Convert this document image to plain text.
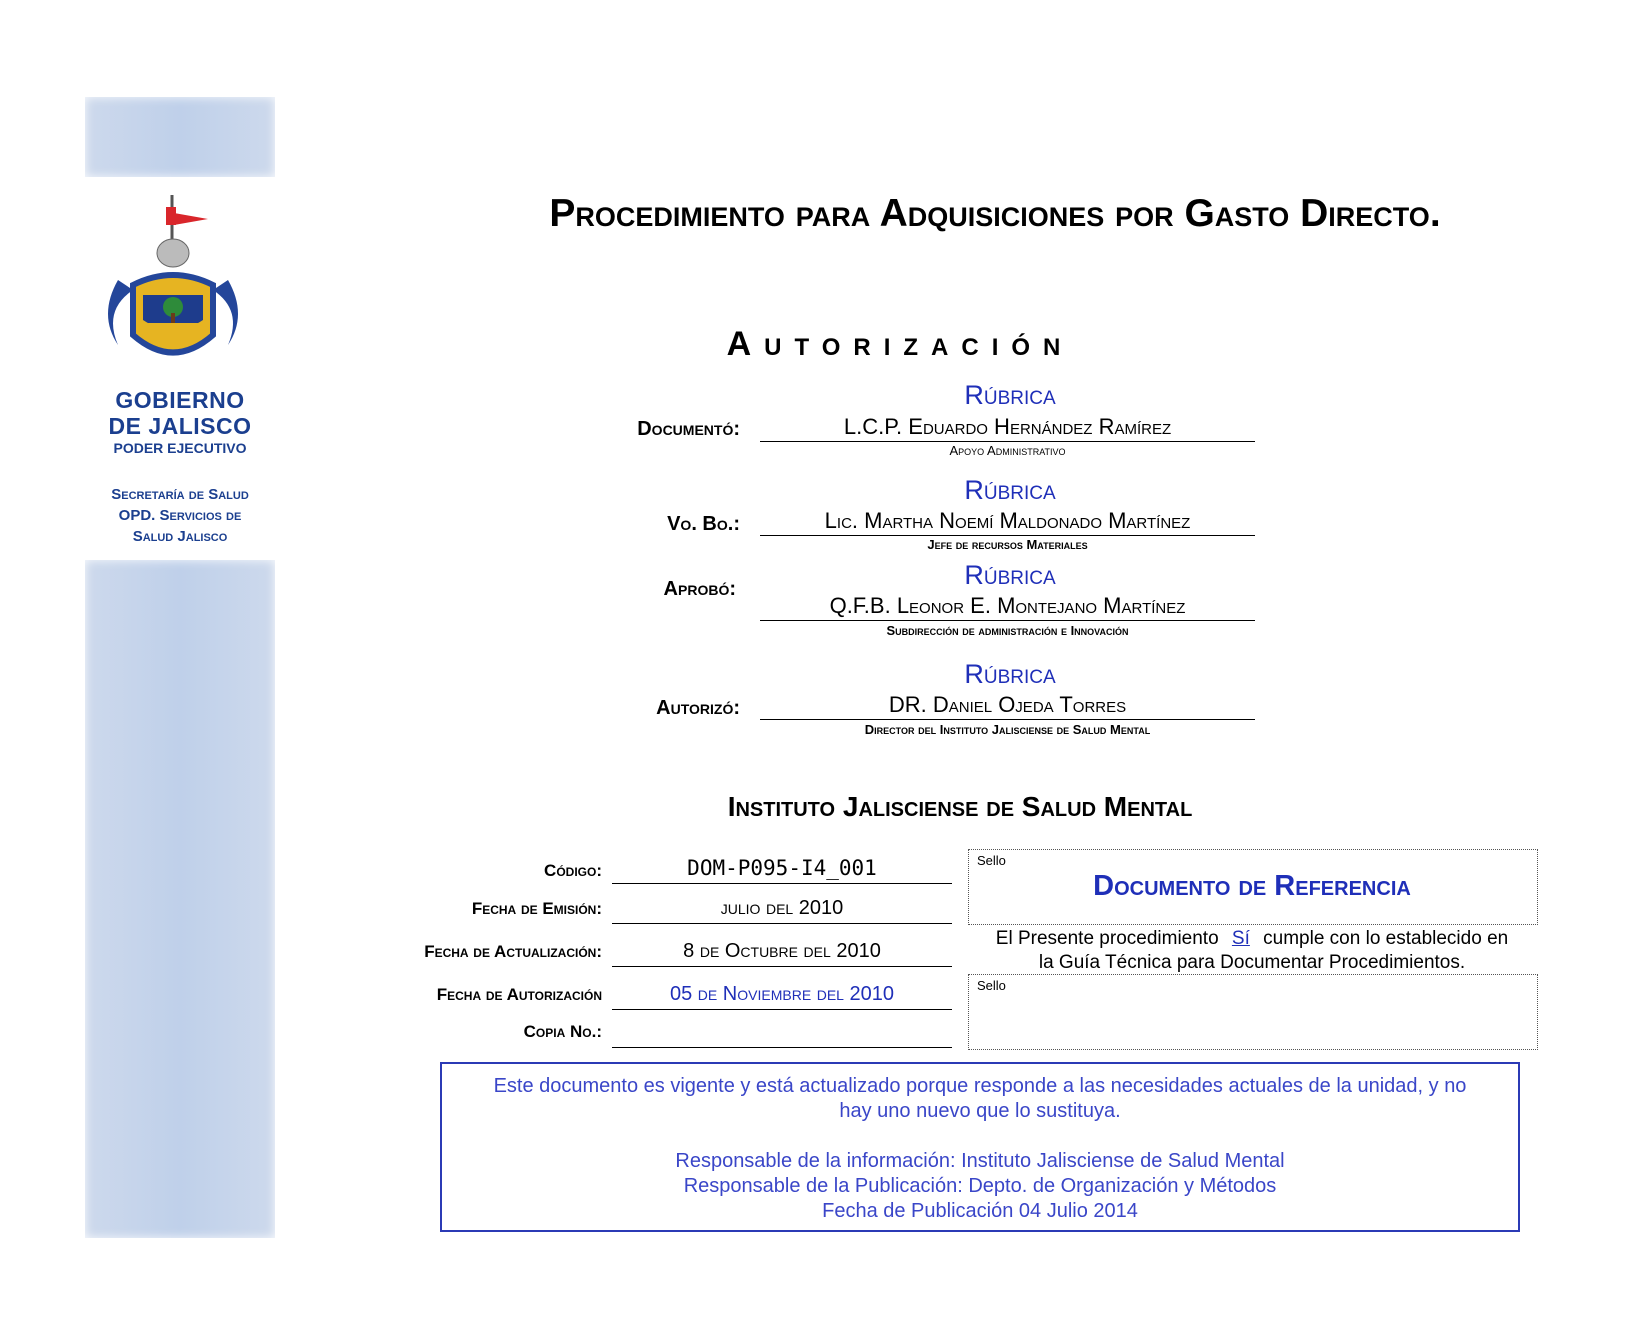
GOBIERNO
DE JALISCO
PODER EJECUTIVO
Secretaría de Salud
OPD. Servicios de
Salud Jalisco
Procedimiento para Adquisiciones por Gasto Directo.
Autorización
Documentó:
Rúbrica
L.C.P. Eduardo Hernández Ramírez
Apoyo Administrativo
Vo. Bo.:
Rúbrica
Lic. Martha Noemí Maldonado Martínez
Jefe de recursos Materiales
Aprobó:	Rúbrica
Q.F.B. Leonor E. Montejano Martínez
Subdirección de administración e Innovación
Autorizó:
Rúbrica
DR. Daniel Ojeda Torres
Director del Instituto Jalisciense de Salud Mental
Instituto Jalisciense de Salud Mental
Código:	DOM-P095-I4_001
Fecha de Emisión:	julio del 2010
Fecha de Actualización:	8 de Octubre del 2010
Fecha de Autorización	05 de Noviembre del 2010
Copia No.:
Sello
Documento de Referencia
El Presente procedimiento Sí cumple con lo establecido en
la Guía Técnica para Documentar Procedimientos.
Sello
Este documento es vigente y está actualizado porque responde a las necesidades actuales de la unidad, y no
hay uno nuevo que lo sustituya.
Responsable de la información: Instituto Jalisciense de Salud Mental
Responsable de la Publicación: Depto. de Organización y Métodos
Fecha de Publicación 04 Julio 2014
